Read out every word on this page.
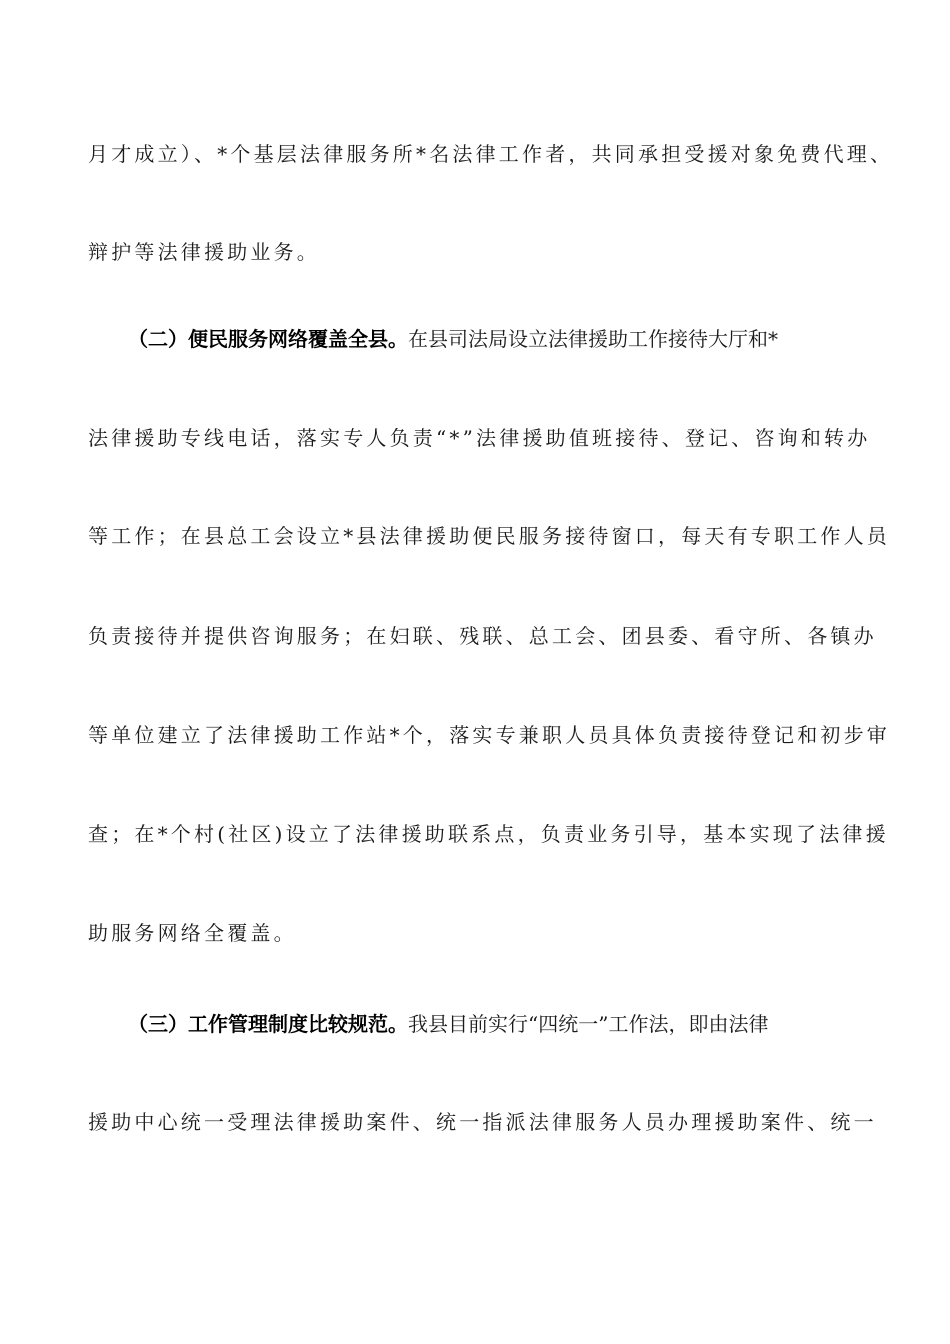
月才成立）、*个基层法律服务所*名法律工作者，共同承担受援对象免费代理、
辩护等法律援助业务。
（二）便民服务网络覆盖全县。在县司法局设立法律援助工作接待大厅和*
法律援助专线电话，落实专人负责“*”法律援助值班接待、登记、咨询和转办
等工作；在县总工会设立*县法律援助便民服务接待窗口，每天有专职工作人员
负责接待并提供咨询服务；在妇联、残联、总工会、团县委、看守所、各镇办
等单位建立了法律援助工作站*个，落实专兼职人员具体负责接待登记和初步审
查；在*个村(社区)设立了法律援助联系点，负责业务引导，基本实现了法律援
助服务网络全覆盖。
（三）工作管理制度比较规范。我县目前实行“四统一”工作法，即由法律
援助中心统一受理法律援助案件、统一指派法律服务人员办理援助案件、统一
